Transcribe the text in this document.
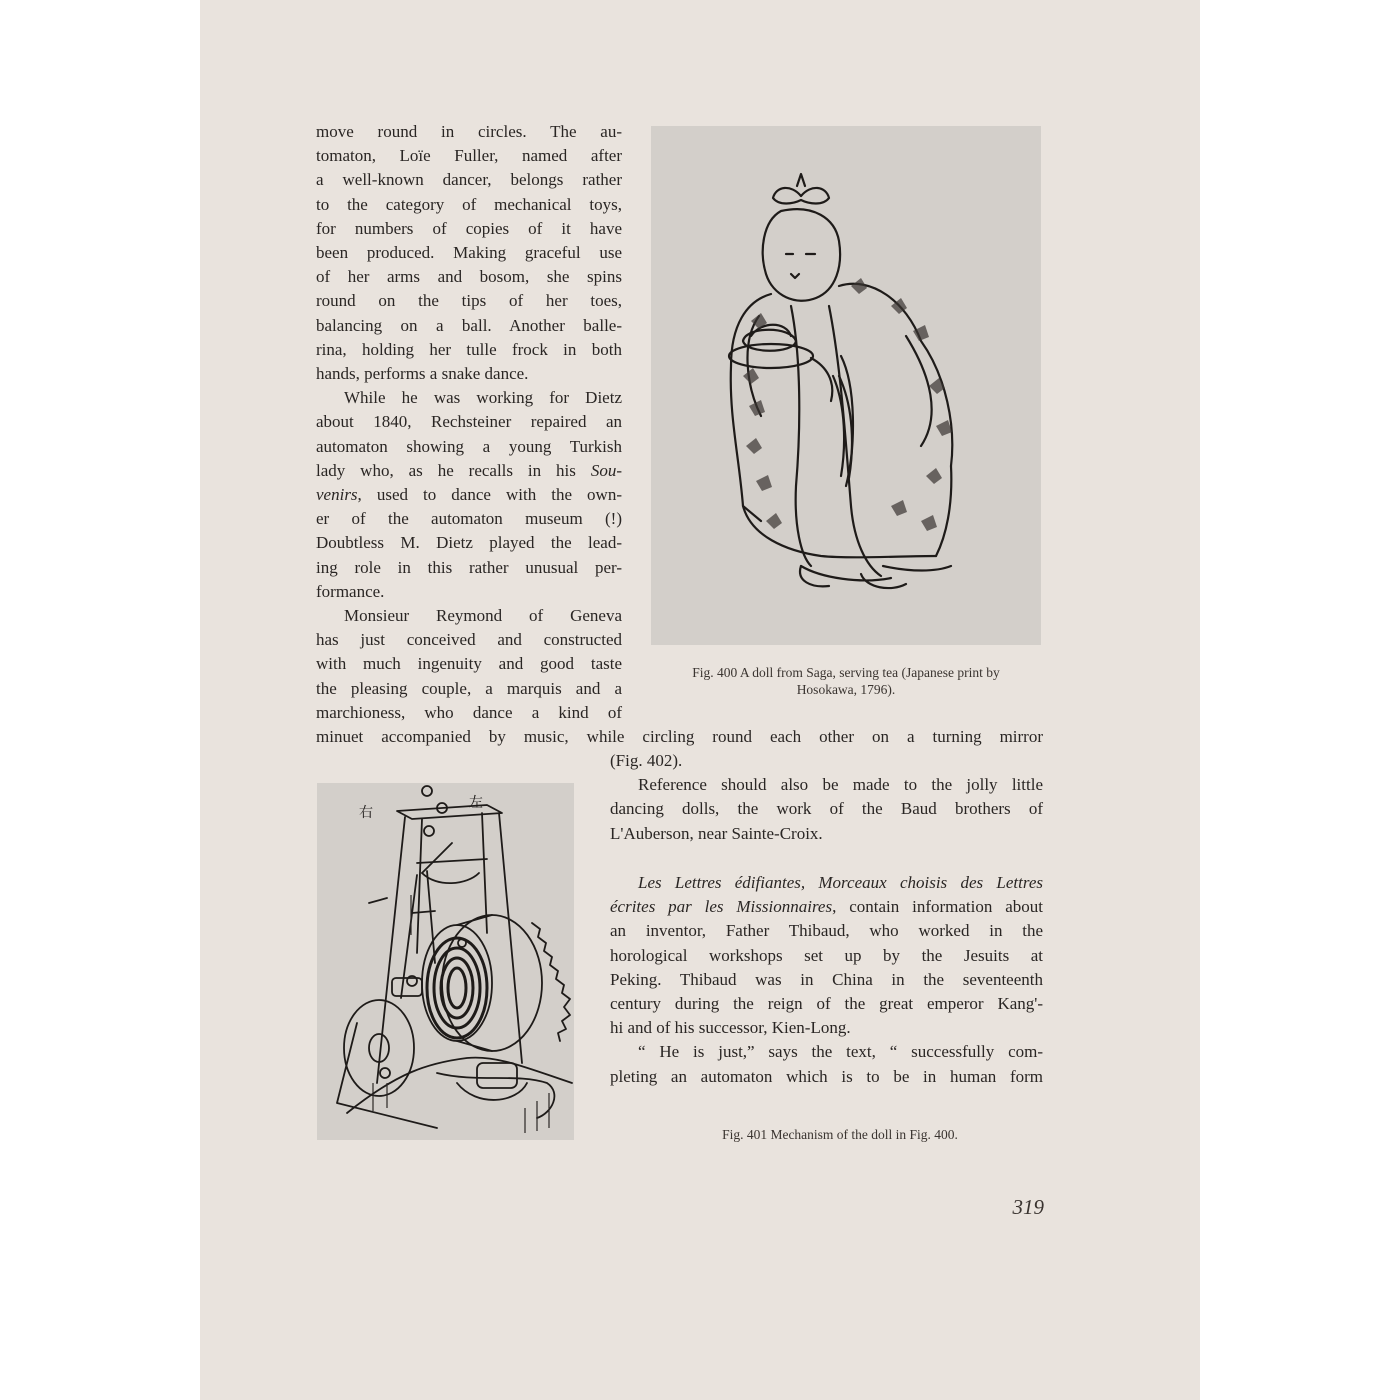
move round in circles. The au-

tomaton, Loïe Fuller, named after

a well-known dancer, belongs rather

to the category of mechanical toys,

for numbers of copies of it have

been produced. Making graceful use

of her arms and bosom, she spins

round on the tips of her toes,

balancing on a ball. Another balle-

rina, holding her tulle frock in both

hands, performs a snake dance.

While he was working for Dietz

about 1840, Rechsteiner repaired an

automaton showing a young Turkish

lady who, as he recalls in his Sou-

venirs, used to dance with the own-

er of the automaton museum (!)

Doubtless M. Dietz played the lead-

ing role in this rather unusual per-

formance.

Monsieur Reymond of Geneva

has just conceived and constructed

with much ingenuity and good taste

the pleasing couple, a marquis and a

marchioness, who dance a kind of

minuet accompanied by music, while circling round each other on a turning mirror

(Fig. 402).

Reference should also be made to the jolly little

dancing dolls, the work of the Baud brothers of

L'Auberson, near Sainte-Croix.

Les Lettres édifiantes, Morceaux choisis des Lettres

écrites par les Missionnaires, contain information about

an inventor, Father Thibaud, who worked in the

horological workshops set up by the Jesuits at

Peking. Thibaud was in China in the seventeenth

century during the reign of the great emperor Kang'-

hi and of his successor, Kien-Long.

“ He is just,” says the text, “ successfully com-

pleting an automaton which is to be in human form

Fig. 400 A doll from Saga, serving tea (Japanese print by
Hosokawa, 1796).
右
左
Fig. 401 Mechanism of the doll in Fig. 400.
319
